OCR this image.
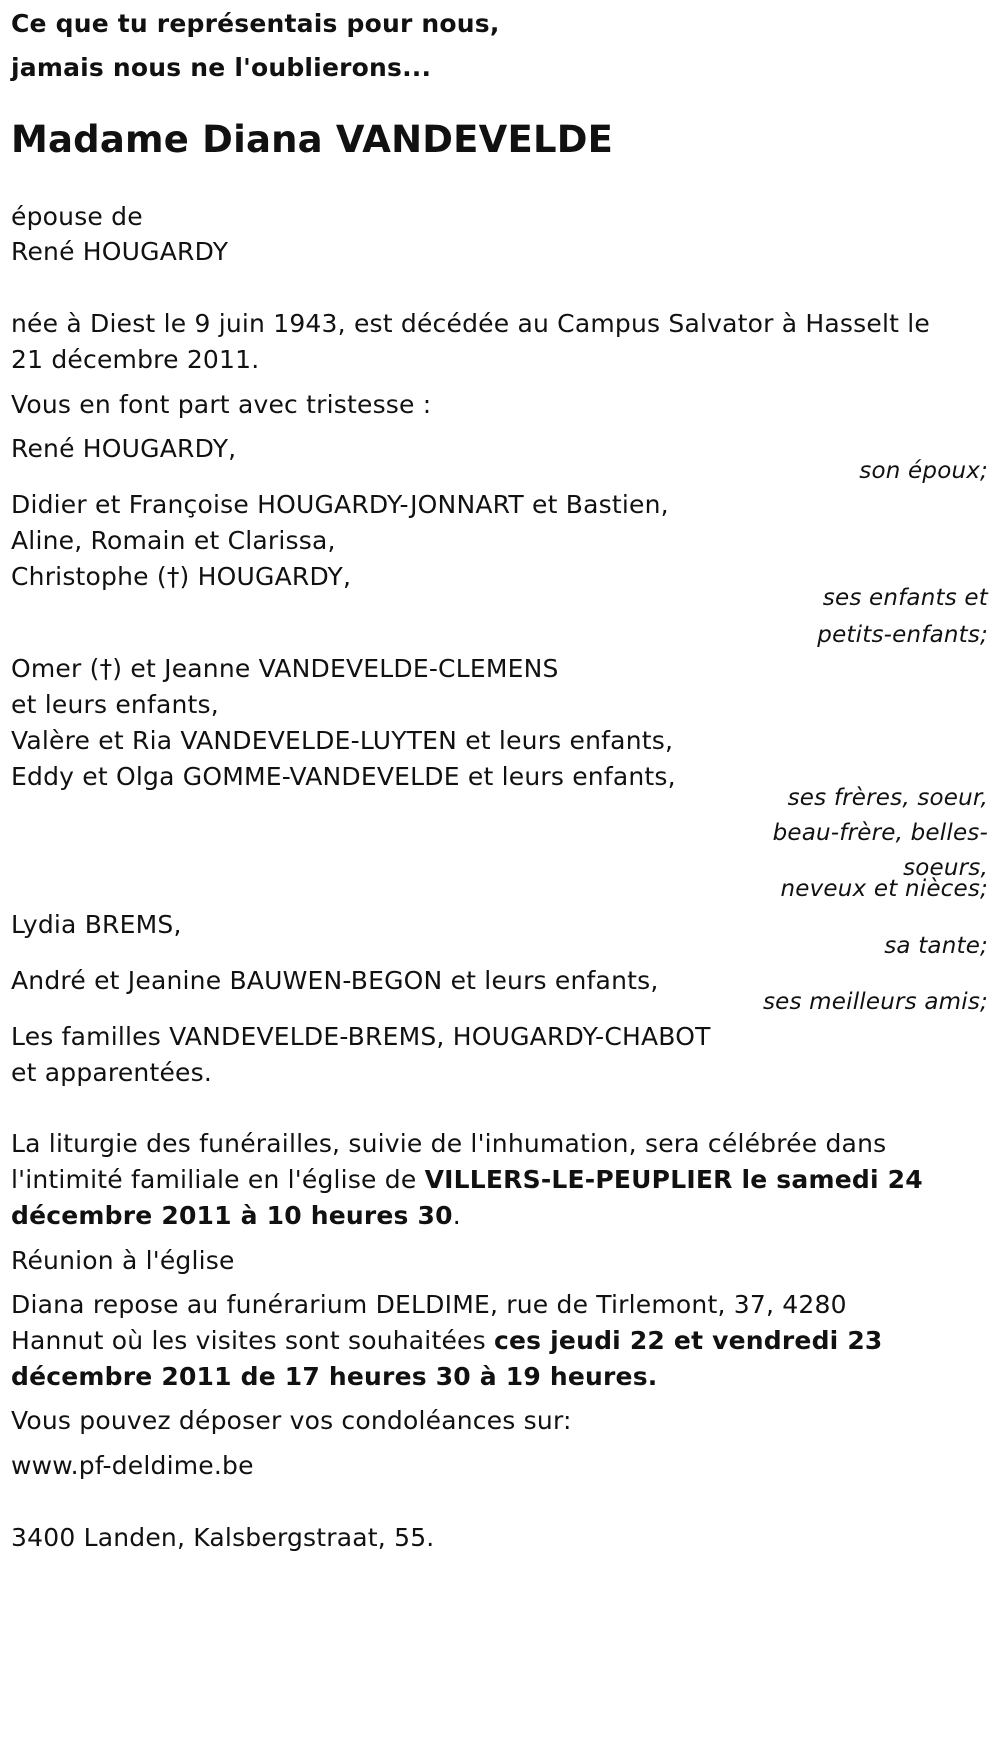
Ce que tu représentais pour nous,
jamais nous ne l'oublierons...
Madame Diana VANDEVELDE
épouse de
René HOUGARDY
née à Diest le 9 juin 1943, est décédée au Campus Salvator à Hasselt le
21 décembre 2011.
Vous en font part avec tristesse :
René HOUGARDY,
son époux;
Didier et Françoise HOUGARDY-JONNART et Bastien,
Aline, Romain et Clarissa,
Christophe (†) HOUGARDY,
ses enfants et
petits-enfants;
Omer (†) et Jeanne VANDEVELDE-CLEMENS
et leurs enfants,
Valère et Ria VANDEVELDE-LUYTEN et leurs enfants,
Eddy et Olga GOMME-VANDEVELDE et leurs enfants,
ses frères, soeur,
beau-frère, belles-
soeurs,
neveux et nièces;
Lydia BREMS,
sa tante;
André et Jeanine BAUWEN-BEGON et leurs enfants,
ses meilleurs amis;
Les familles VANDEVELDE-BREMS, HOUGARDY-CHABOT
et apparentées.
La liturgie des funérailles, suivie de l'inhumation, sera célébrée dans
l'intimité familiale en l'église de VILLERS-LE-PEUPLIER le samedi 24
décembre 2011 à 10 heures 30.
Réunion à l'église
Diana repose au funérarium DELDIME, rue de Tirlemont, 37, 4280
Hannut où les visites sont souhaitées ces jeudi 22 et vendredi 23
décembre 2011 de 17 heures 30 à 19 heures.
Vous pouvez déposer vos condoléances sur:
www.pf-deldime.be
3400 Landen, Kalsbergstraat, 55.
